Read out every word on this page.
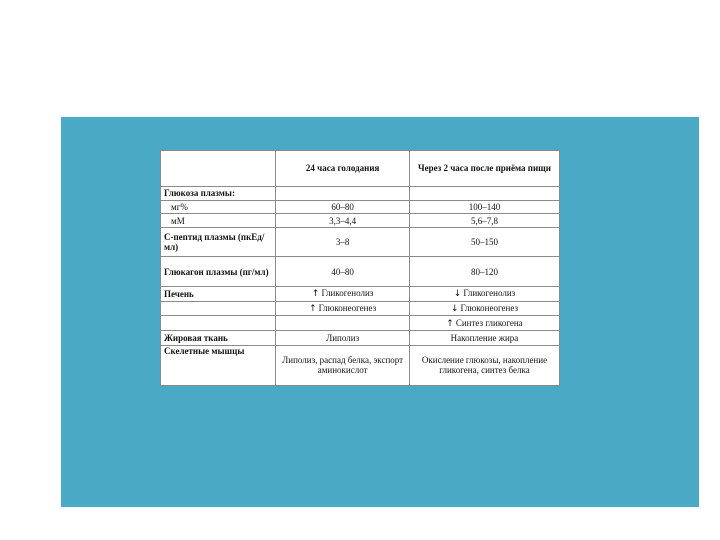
	24 часа голодания	Через 2 часа после приёма пищи
Глюкоза плазмы:		
мг%	60–80	100–140
мМ	3,3–4,4	5,6–7,8
С-пептид плазмы (пкЕд/мл)	3–8	50–150
Глюкагон плазмы (пг/мл)	40–80	80–120
Печень	↑ Гликогенолиз	↓ Гликогенолиз
	↑ Глюконеогенез	↓ Глюконеогенез
		↑ Синтез гликогена
Жировая ткань	Липолиз	Накопление жира
Скелетные мышцы	Липолиз, распад белка, экспорт аминокислот	Окисление глюкозы, накопление гликогена, синтез белка
